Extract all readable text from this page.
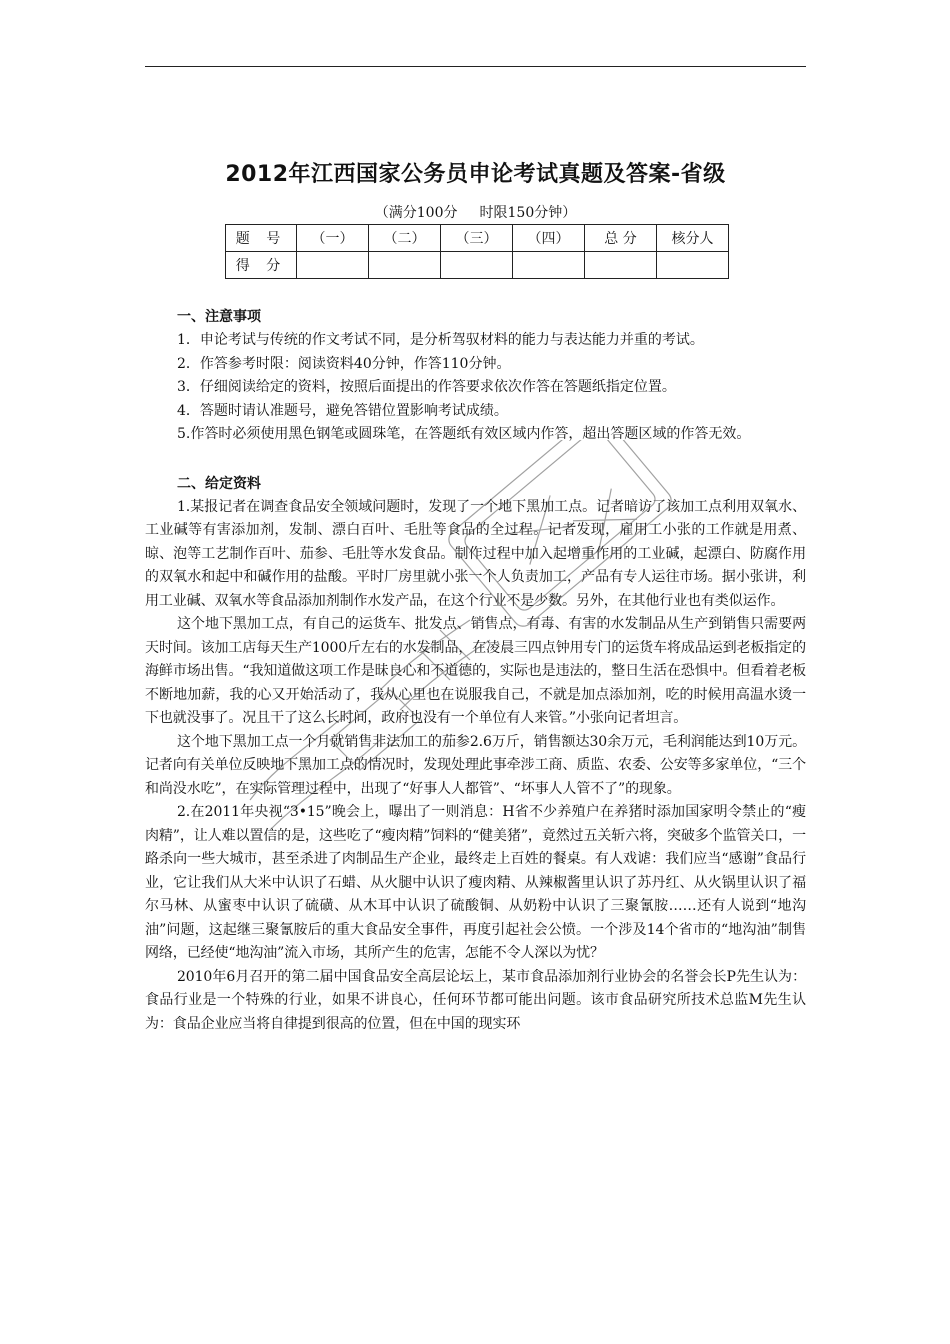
2012年江西国家公务员申论考试真题及答案-省级
（满分100分 时限150分钟）
题 号	（一）	（二）	（三）	（四）	总 分	核分人
得 分						
一、注意事项

1．申论考试与传统的作文考试不同，是分析驾驭材料的能力与表达能力并重的考试。

2．作答参考时限：阅读资料40分钟，作答110分钟。

3．仔细阅读给定的资料，按照后面提出的作答要求依次作答在答题纸指定位置。

4．答题时请认准题号，避免答错位置影响考试成绩。

5.作答时必须使用黑色钢笔或圆珠笔，在答题纸有效区域内作答，超出答题区域的作答无效。

二、给定资料

1.某报记者在调查食品安全领域问题时，发现了一个地下黑加工点。记者暗访了该加工点利用双氧水、工业碱等有害添加剂，发制、漂白百叶、毛肚等食品的全过程。记者发现，雇用工小张的工作就是用煮、晾、泡等工艺制作百叶、茄参、毛肚等水发食品。制作过程中加入起增重作用的工业碱，起漂白、防腐作用的双氧水和起中和碱作用的盐酸。平时厂房里就小张一个人负责加工，产品有专人运往市场。据小张讲，利用工业碱、双氧水等食品添加剂制作水发产品，在这个行业不是少数。另外，在其他行业也有类似运作。

这个地下黑加工点，有自己的运货车、批发点、销售点，有毒、有害的水发制品从生产到销售只需要两天时间。该加工店每天生产1000斤左右的水发制品，在凌晨三四点钟用专门的运货车将成品运到老板指定的海鲜市场出售。“我知道做这项工作是昧良心和不道德的，实际也是违法的，整日生活在恐惧中。但看着老板不断地加薪，我的心又开始活动了，我从心里也在说服我自己，不就是加点添加剂，吃的时候用高温水烫一下也就没事了。况且干了这么长时间，政府也没有一个单位有人来管。”小张向记者坦言。

这个地下黑加工点一个月就销售非法加工的茄参2.6万斤，销售额达30余万元，毛利润能达到10万元。记者向有关单位反映地下黑加工点的情况时，发现处理此事牵涉工商、质监、农委、公安等多家单位，“三个和尚没水吃”，在实际管理过程中，出现了“好事人人都管”、“坏事人人管不了”的现象。

2.在2011年央视“3•15”晚会上，曝出了一则消息：H省不少养殖户在养猪时添加国家明令禁止的“瘦肉精”，让人难以置信的是，这些吃了“瘦肉精”饲料的“健美猪”，竟然过五关斩六将，突破多个监管关口，一路杀向一些大城市，甚至杀进了肉制品生产企业，最终走上百姓的餐桌。有人戏谑：我们应当“感谢”食品行业，它让我们从大米中认识了石蜡、从火腿中认识了瘦肉精、从辣椒酱里认识了苏丹红、从火锅里认识了福尔马林、从蜜枣中认识了硫磺、从木耳中认识了硫酸铜、从奶粉中认识了三聚氰胺……还有人说到“地沟油”问题，这起继三聚氰胺后的重大食品安全事件，再度引起社会公愤。一个涉及14个省市的“地沟油”制售网络，已经使“地沟油”流入市场，其所产生的危害，怎能不令人深以为忧？

2010年6月召开的第二届中国食品安全高层论坛上，某市食品添加剂行业协会的名誉会长P先生认为：食品行业是一个特殊的行业，如果不讲良心，任何环节都可能出问题。该市食品研究所技术总监M先生认为：食品企业应当将自律提到很高的位置，但在中国的现实环
